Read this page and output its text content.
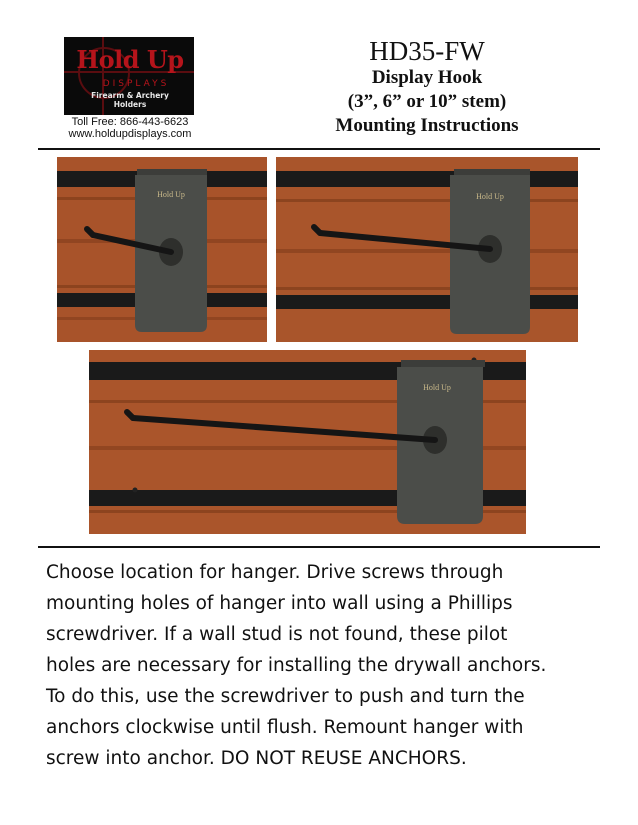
Hold Up
DISPLAYS
Firearm & Archery
Holders
Toll Free: 866-443-6623
www.holdupdisplays.com
HD35-FW
Display Hook
(3”, 6” or 10” stem)
Mounting Instructions
Hold Up	Hold Up
Hold Up
Choose location for hanger. Drive screws through
mounting holes of hanger into wall using a Phillips
screwdriver. If a wall stud is not found, these pilot
holes are necessary for installing the drywall anchors.
To do this, use the screwdriver to push and turn the
anchors clockwise until flush. Remount hanger with
screw into anchor. DO NOT REUSE ANCHORS.
